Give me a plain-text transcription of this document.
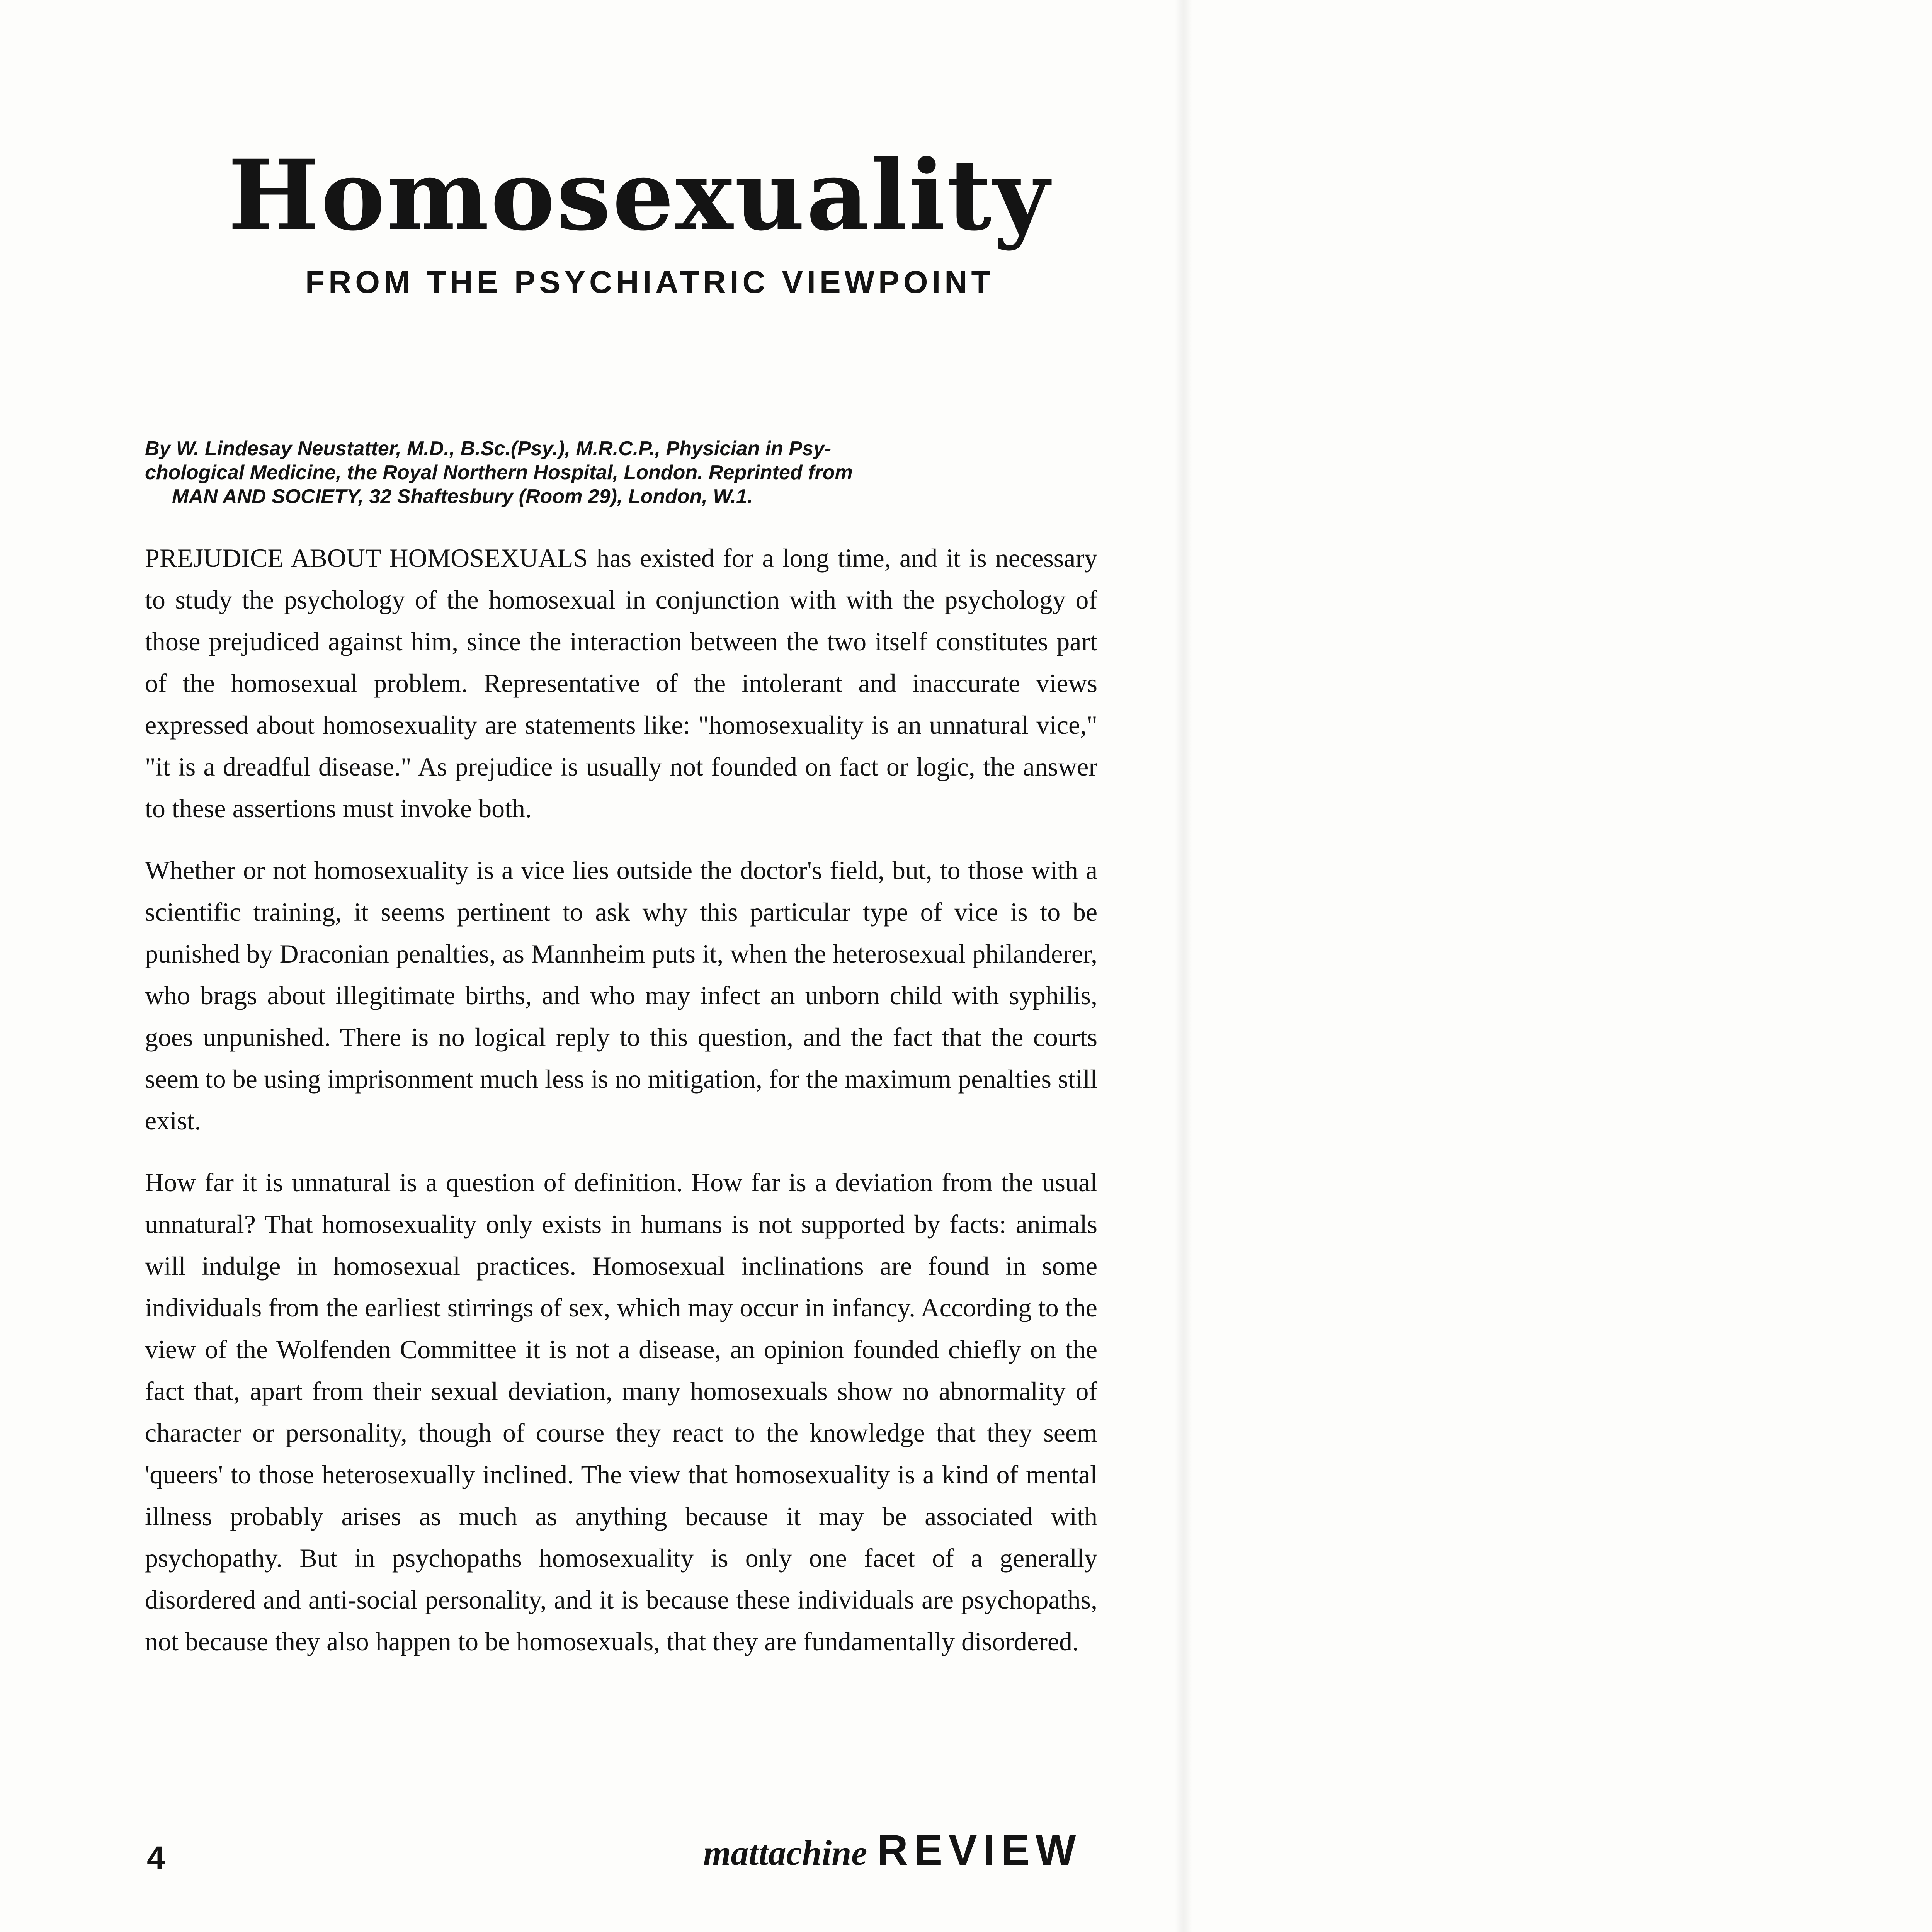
Homosexuality
FROM THE PSYCHIATRIC VIEWPOINT
By W. Lindesay Neustatter, M.D., B.Sc.(Psy.), M.R.C.P., Physician in Psy-
chological Medicine, the Royal Northern Hospital, London. Reprinted from
MAN AND SOCIETY, 32 Shaftesbury (Room 29), London, W.1.

PREJUDICE ABOUT HOMOSEXUALS has existed for a long time, and it is necessary to study the psychology of the homosexual in conjunction with with the psychology of those prejudiced against him, since the interaction between the two itself constitutes part of the homosexual problem. Representative of the intolerant and inaccurate views expressed about homosexuality are statements like: "homosexuality is an unnatural vice," "it is a dreadful disease." As prejudice is usually not founded on fact or logic, the answer to these assertions must invoke both.

Whether or not homosexuality is a vice lies outside the doctor's field, but, to those with a scientific training, it seems pertinent to ask why this particular type of vice is to be punished by Draconian penalties, as Mannheim puts it, when the heterosexual philanderer, who brags about illegitimate births, and who may infect an unborn child with syphilis, goes unpunished. There is no logical reply to this question, and the fact that the courts seem to be using imprisonment much less is no mitigation, for the maximum penalties still exist.

How far it is unnatural is a question of definition. How far is a deviation from the usual unnatural? That homosexuality only exists in humans is not supported by facts: animals will indulge in homosexual practices. Homosexual inclinations are found in some individuals from the earliest stirrings of sex, which may occur in infancy. According to the view of the Wolfenden Committee it is not a disease, an opinion founded chiefly on the fact that, apart from their sexual deviation, many homosexuals show no abnormality of character or personality, though of course they react to the knowledge that they seem 'queers' to those heterosexually inclined. The view that homosexuality is a kind of mental illness probably arises as much as anything because it may be associated with psychopathy. But in psychopaths homosexuality is only one facet of a generally disordered and anti-social personality, and it is because these individuals are psychopaths, not because they also happen to be homosexuals, that they are fundamentally disordered.

4	mattachine REVIEW
